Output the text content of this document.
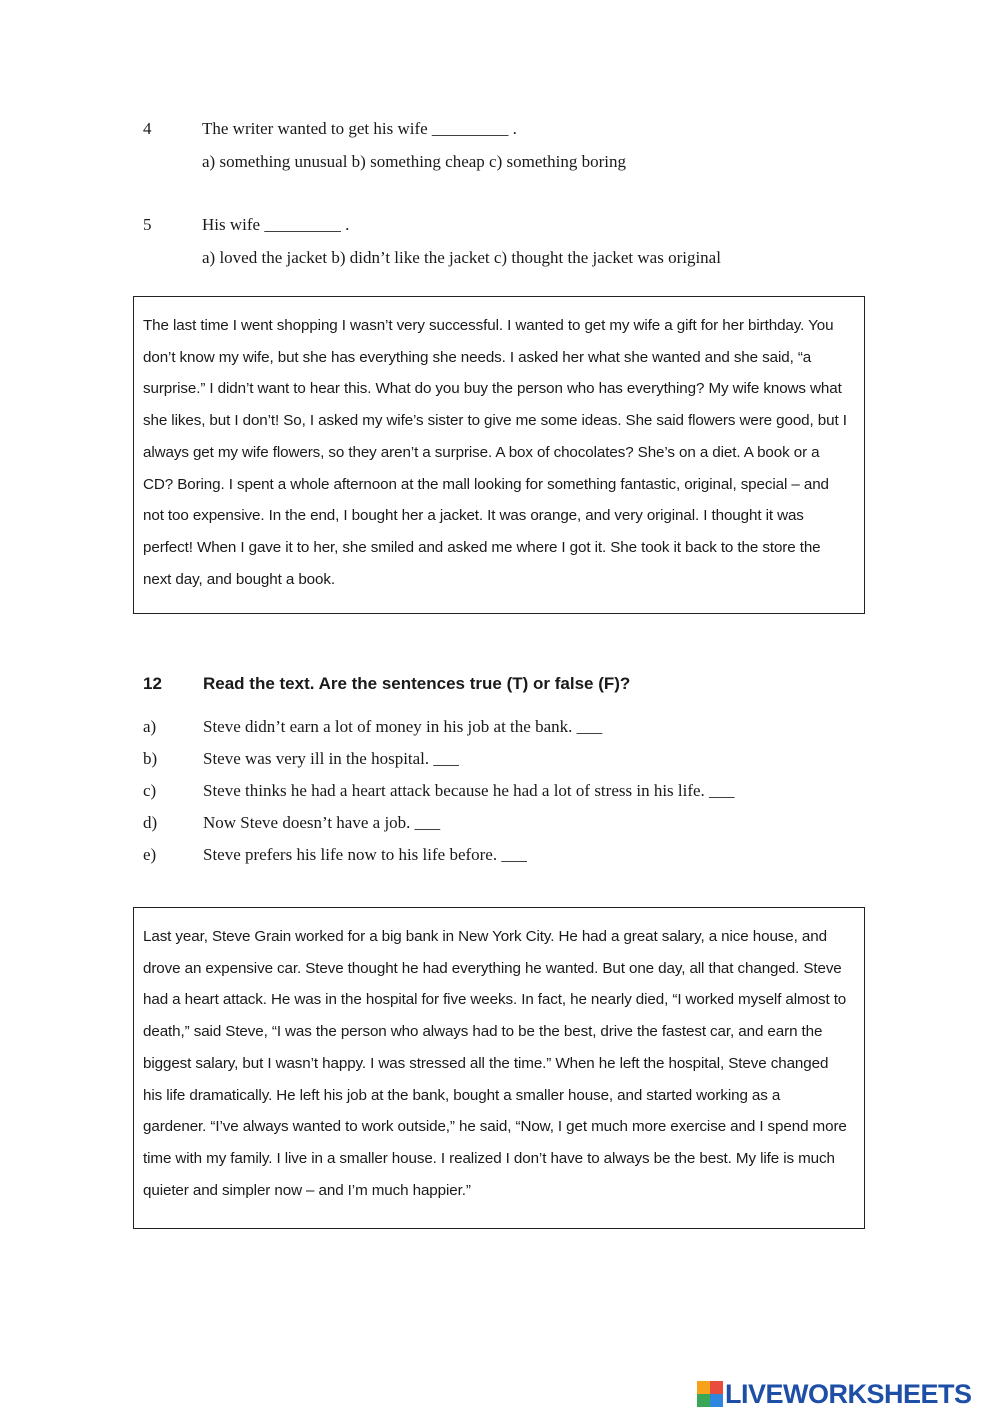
4	The writer wanted to get his wife _________ .
a) something unusual b) something cheap c) something boring
5	His wife _________ .
a) loved the jacket b) didn’t like the jacket c) thought the jacket was original
The last time I went shopping I wasn’t very successful. I wanted to get my wife a gift for her birthday. You
don’t know my wife, but she has everything she needs. I asked her what she wanted and she said, “a
surprise.” I didn’t want to hear this. What do you buy the person who has everything? My wife knows what
she likes, but I don’t! So, I asked my wife’s sister to give me some ideas. She said flowers were good, but I
always get my wife flowers, so they aren’t a surprise. A box of chocolates? She’s on a diet. A book or a
CD? Boring. I spent a whole afternoon at the mall looking for something fantastic, original, special – and
not too expensive. In the end, I bought her a jacket. It was orange, and very original. I thought it was
perfect! When I gave it to her, she smiled and asked me where I got it. She took it back to the store the
next day, and bought a book.
12 Read the text. Are the sentences true (T) or false (F)?
a)	Steve didn’t earn a lot of money in his job at the bank. ___
b)	Steve was very ill in the hospital. ___
c)	Steve thinks he had a heart attack because he had a lot of stress in his life. ___
d)	Now Steve doesn’t have a job. ___
e)	Steve prefers his life now to his life before. ___
Last year, Steve Grain worked for a big bank in New York City. He had a great salary, a nice house, and
drove an expensive car. Steve thought he had everything he wanted. But one day, all that changed. Steve
had a heart attack. He was in the hospital for five weeks. In fact, he nearly died, “I worked myself almost to
death,” said Steve, “I was the person who always had to be the best, drive the fastest car, and earn the
biggest salary, but I wasn’t happy. I was stressed all the time.” When he left the hospital, Steve changed
his life dramatically. He left his job at the bank, bought a smaller house, and started working as a
gardener. “I’ve always wanted to work outside,” he said, “Now, I get much more exercise and I spend more
time with my family. I live in a smaller house. I realized I don’t have to always be the best. My life is much
quieter and simpler now – and I’m much happier.”
LIVEWORKSHEETS
